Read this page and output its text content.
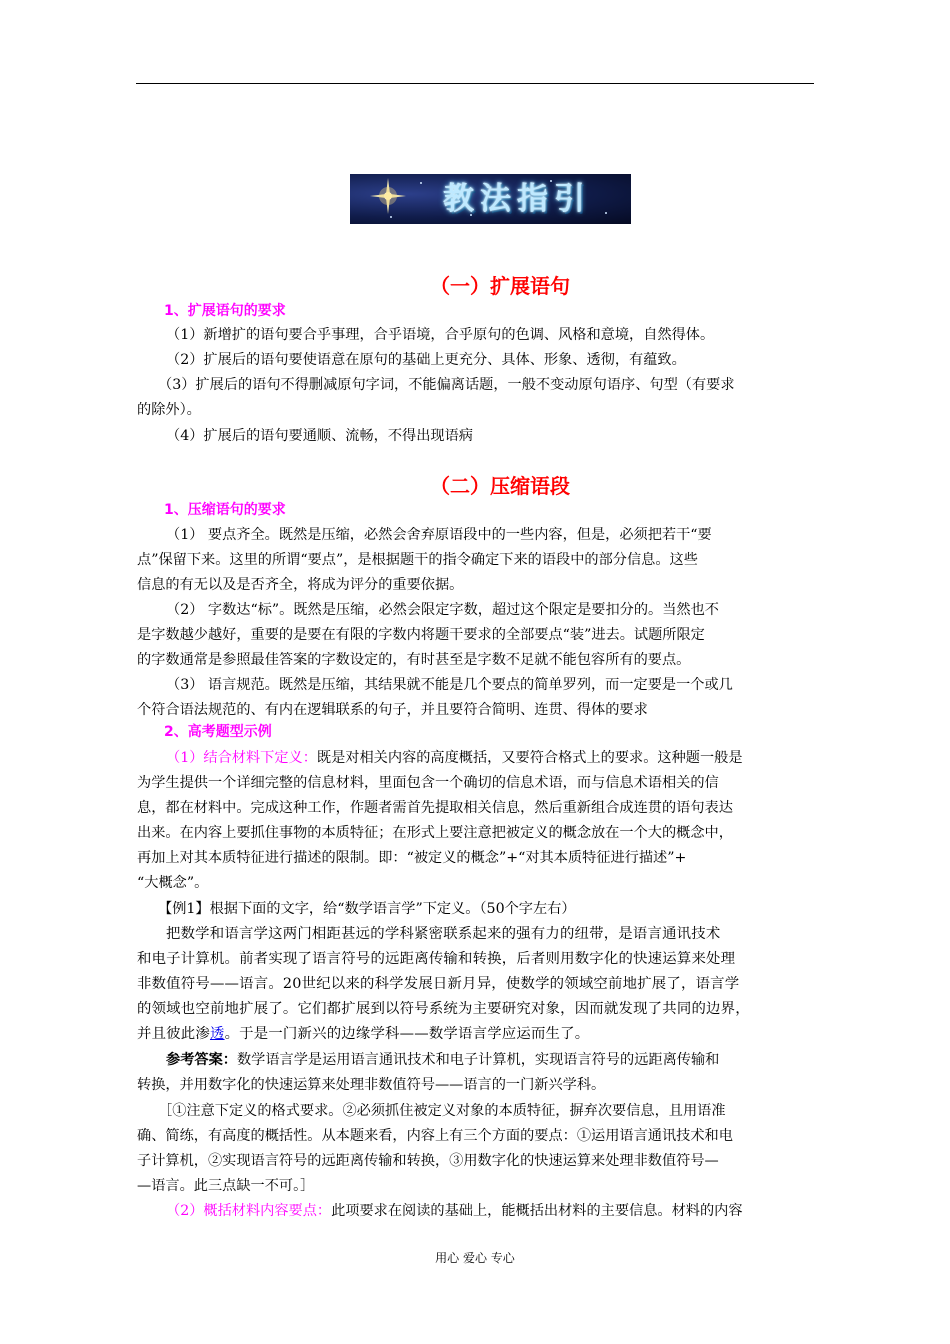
教法指引
（一）扩展语句
1、扩展语句的要求
（1）新增扩的语句要合乎事理，合乎语境，合乎原句的色调、风格和意境，自然得体。
（2）扩展后的语句要使语意在原句的基础上更充分、具体、形象、透彻，有蕴致。
（3）扩展后的语句不得删减原句字词，不能偏离话题，一般不变动原句语序、句型（有要求
的除外）。
（4）扩展后的语句要通顺、流畅，不得出现语病
（二）压缩语段
1、压缩语句的要求
（1） 要点齐全。既然是压缩，必然会舍弃原语段中的一些内容，但是，必须把若干“要
点”保留下来。这里的所谓“要点”，是根据题干的指令确定下来的语段中的部分信息。这些
信息的有无以及是否齐全，将成为评分的重要依据。
（2） 字数达“标”。既然是压缩，必然会限定字数，超过这个限定是要扣分的。当然也不
是字数越少越好，重要的是要在有限的字数内将题干要求的全部要点“装”进去。试题所限定
的字数通常是参照最佳答案的字数设定的，有时甚至是字数不足就不能包容所有的要点。
（3） 语言规范。既然是压缩，其结果就不能是几个要点的简单罗列，而一定要是一个或几
个符合语法规范的、有内在逻辑联系的句子，并且要符合简明、连贯、得体的要求
2、高考题型示例
（1）结合材料下定义：既是对相关内容的高度概括，又要符合格式上的要求。这种题一般是
为学生提供一个详细完整的信息材料，里面包含一个确切的信息术语，而与信息术语相关的信
息，都在材料中。完成这种工作，作题者需首先提取相关信息，然后重新组合成连贯的语句表达
出来。在内容上要抓住事物的本质特征；在形式上要注意把被定义的概念放在一个大的概念中，
再加上对其本质特征进行描述的限制。即：“被定义的概念”+“对其本质特征进行描述”+
“大概念”。
【例1】根据下面的文字，给“数学语言学”下定义。（50个字左右）
把数学和语言学这两门相距甚远的学科紧密联系起来的强有力的纽带，是语言通讯技术
和电子计算机。前者实现了语言符号的远距离传输和转换，后者则用数字化的快速运算来处理
非数值符号——语言。20世纪以来的科学发展日新月异，使数学的领域空前地扩展了，语言学
的领域也空前地扩展了。它们都扩展到以符号系统为主要研究对象，因而就发现了共同的边界，
并且彼此渗透。于是一门新兴的边缘学科——数学语言学应运而生了。
参考答案：数学语言学是运用语言通讯技术和电子计算机，实现语言符号的远距离传输和
转换，并用数字化的快速运算来处理非数值符号——语言的一门新兴学科。
［①注意下定义的格式要求。②必须抓住被定义对象的本质特征，摒弃次要信息，且用语准
确、简练，有高度的概括性。从本题来看，内容上有三个方面的要点：①运用语言通讯技术和电
子计算机，②实现语言符号的远距离传输和转换，③用数字化的快速运算来处理非数值符号—
—语言。此三点缺一不可。］
（2）概括材料内容要点：此项要求在阅读的基础上，能概括出材料的主要信息。材料的内容
用心 爱心 专心
